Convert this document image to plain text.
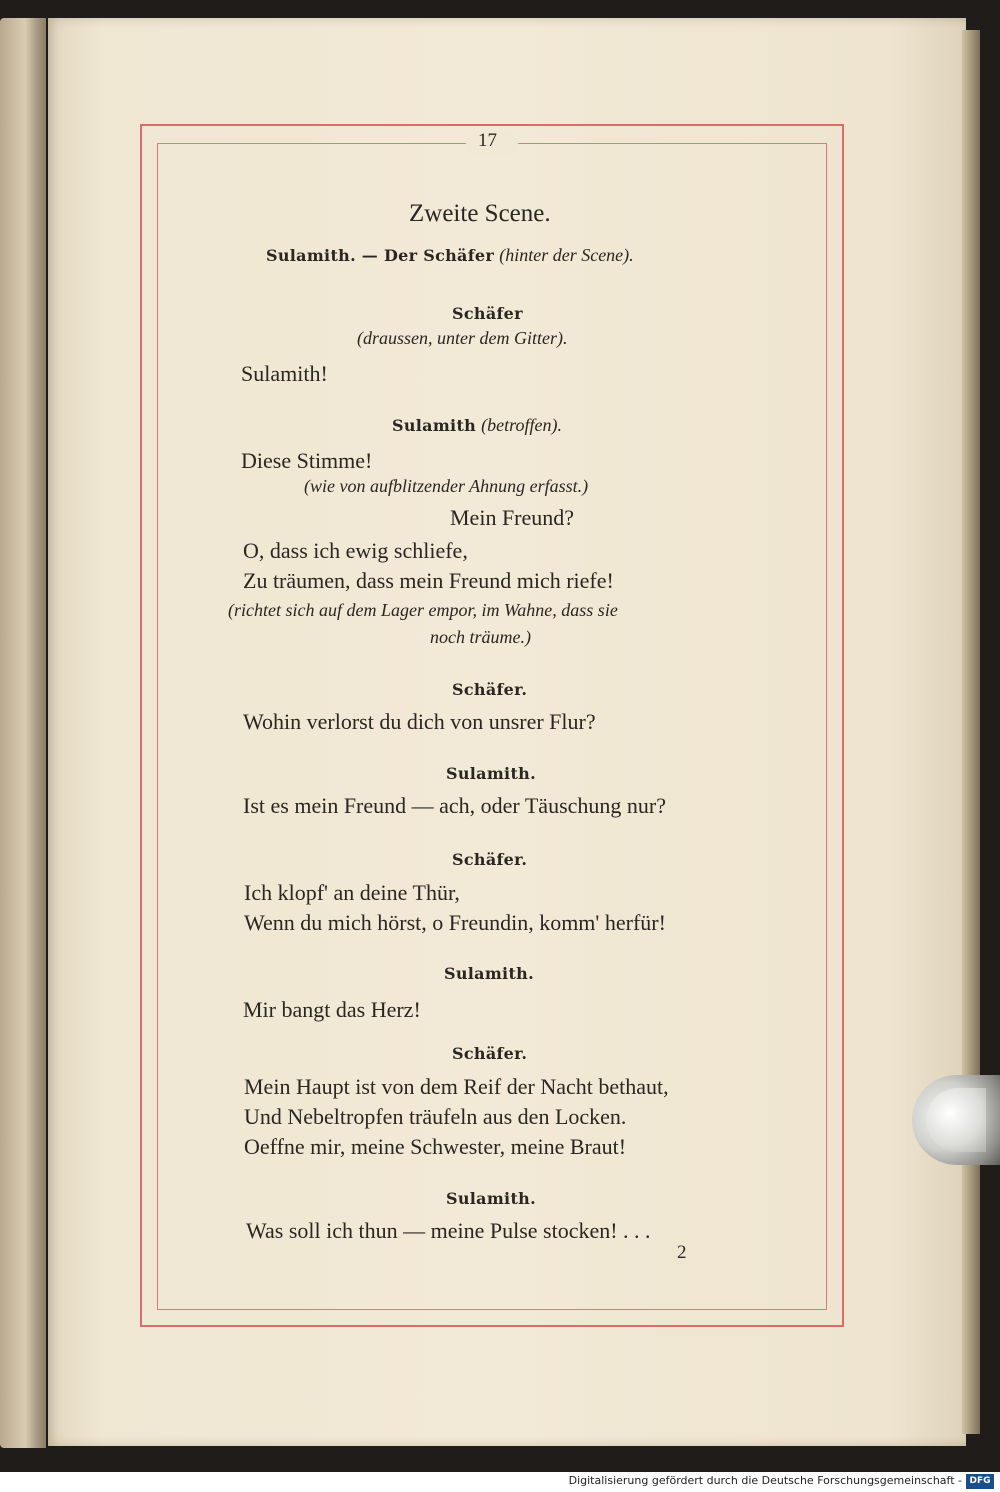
17
Zweite Scene.
Sulamith. — Der Schäfer (hinter der Scene).
Schäfer
(draussen, unter dem Gitter).
Sulamith!
Sulamith (betroffen).
Diese Stimme!
(wie von aufblitzender Ahnung erfasst.)
Mein Freund?
O, dass ich ewig schliefe,
Zu träumen, dass mein Freund mich riefe!
(richtet sich auf dem Lager empor, im Wahne, dass sie
noch träume.)
Schäfer.
Wohin verlorst du dich von unsrer Flur?
Sulamith.
Ist es mein Freund — ach, oder Täuschung nur?
Schäfer.
Ich klopf' an deine Thür,
Wenn du mich hörst, o Freundin, komm' herfür!
Sulamith.
Mir bangt das Herz!
Schäfer.
Mein Haupt ist von dem Reif der Nacht bethaut,
Und Nebeltropfen träufeln aus den Locken.
Oeffne mir, meine Schwester, meine Braut!
Sulamith.
Was soll ich thun — meine Pulse stocken! . . .
2
Digitalisierung gefördert durch die Deutsche Forschungsgemeinschaft - DFG
